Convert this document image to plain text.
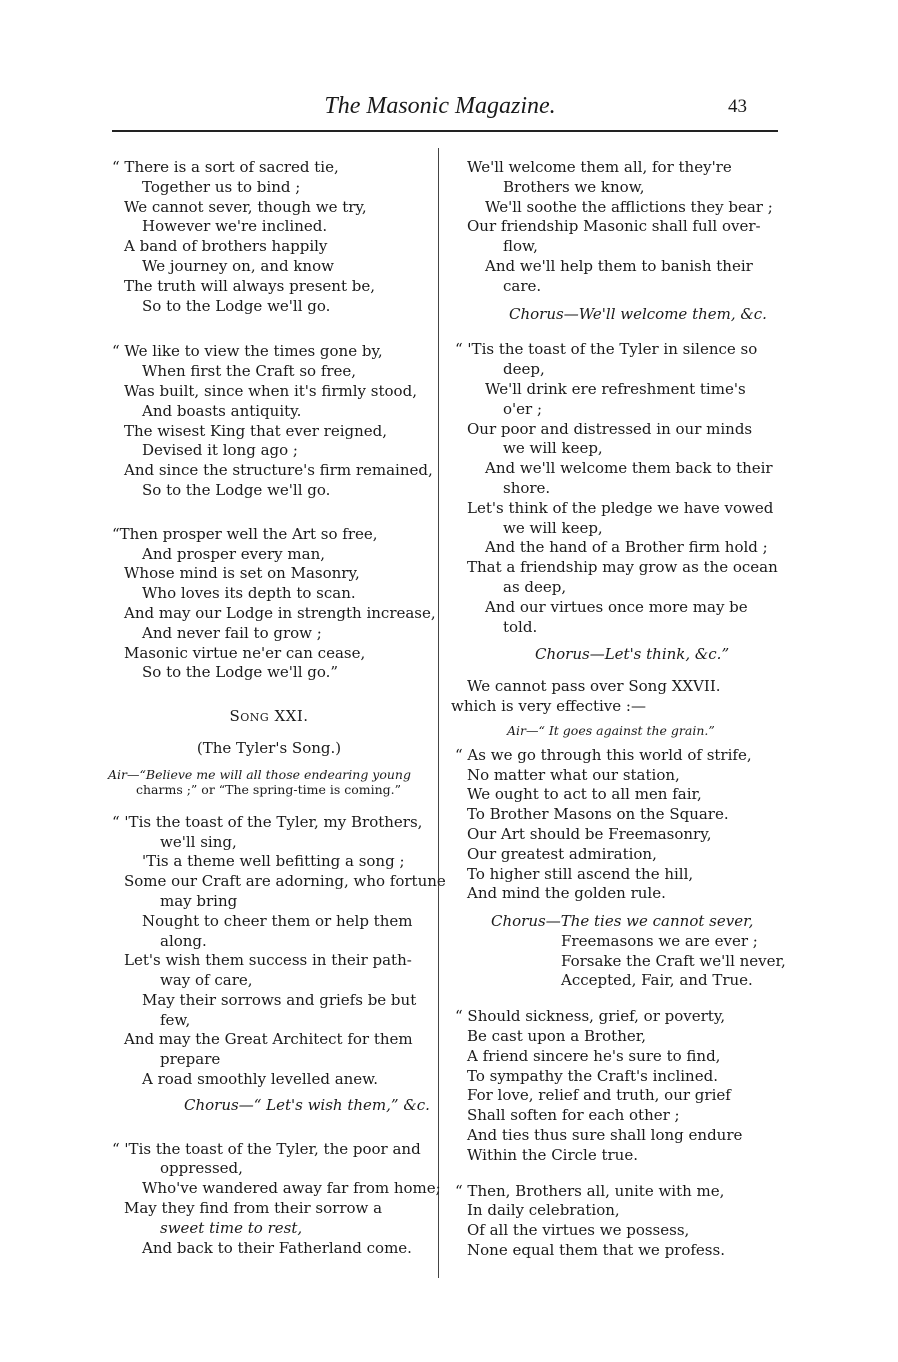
The Masonic Magazine.	43
“ There is a sort of sacred tie,
Together us to bind ;
We cannot sever, though we try,
However we're inclined.
A band of brothers happily
We journey on, and know
The truth will always present be,
So to the Lodge we'll go.
“ We like to view the times gone by,
When first the Craft so free,
Was built, since when it's firmly stood,
And boasts antiquity.
The wisest King that ever reigned,
Devised it long ago ;
And since the structure's firm remained,
So to the Lodge we'll go.
“Then prosper well the Art so free,
And prosper every man,
Whose mind is set on Masonry,
Who loves its depth to scan.
And may our Lodge in strength increase,
And never fail to grow ;
Masonic virtue ne'er can cease,
So to the Lodge we'll go.”
Song XXI.
(The Tyler's Song.)
Air—“Believe me will all those endearing young
charms ;” or “The spring-time is coming.”
“ 'Tis the toast of the Tyler, my Brothers,
we'll sing,
'Tis a theme well befitting a song ;
Some our Craft are adorning, who fortune
may bring
Nought to cheer them or help them
along.
Let's wish them success in their path-
way of care,
May their sorrows and griefs be but
few,
And may the Great Architect for them
prepare
A road smoothly levelled anew.
Chorus—“ Let's wish them,” &c.
“ 'Tis the toast of the Tyler, the poor and
oppressed,
Who've wandered away far from home;
May they find from their sorrow a
sweet time to rest,
And back to their Fatherland come.
We'll welcome them all, for they're
Brothers we know,
We'll soothe the afflictions they bear ;
Our friendship Masonic shall full over-
flow,
And we'll help them to banish their
care.
Chorus—We'll welcome them, &c.
“ 'Tis the toast of the Tyler in silence so
deep,
We'll drink ere refreshment time's
o'er ;
Our poor and distressed in our minds
we will keep,
And we'll welcome them back to their
shore.
Let's think of the pledge we have vowed
we will keep,
And the hand of a Brother firm hold ;
That a friendship may grow as the ocean
as deep,
And our virtues once more may be
told.
Chorus—Let's think, &c.”
We cannot pass over Song XXVII.
which is very effective :—
Air—“ It goes against the grain.”
“ As we go through this world of strife,
No matter what our station,
We ought to act to all men fair,
To Brother Masons on the Square.
Our Art should be Freemasonry,
Our greatest admiration,
To higher still ascend the hill,
And mind the golden rule.
Chorus—The ties we cannot sever,
Freemasons we are ever ;
Forsake the Craft we'll never,
Accepted, Fair, and True.
“ Should sickness, grief, or poverty,
Be cast upon a Brother,
A friend sincere he's sure to find,
To sympathy the Craft's inclined.
For love, relief and truth, our grief
Shall soften for each other ;
And ties thus sure shall long endure
Within the Circle true.
“ Then, Brothers all, unite with me,
In daily celebration,
Of all the virtues we possess,
None equal them that we profess.
